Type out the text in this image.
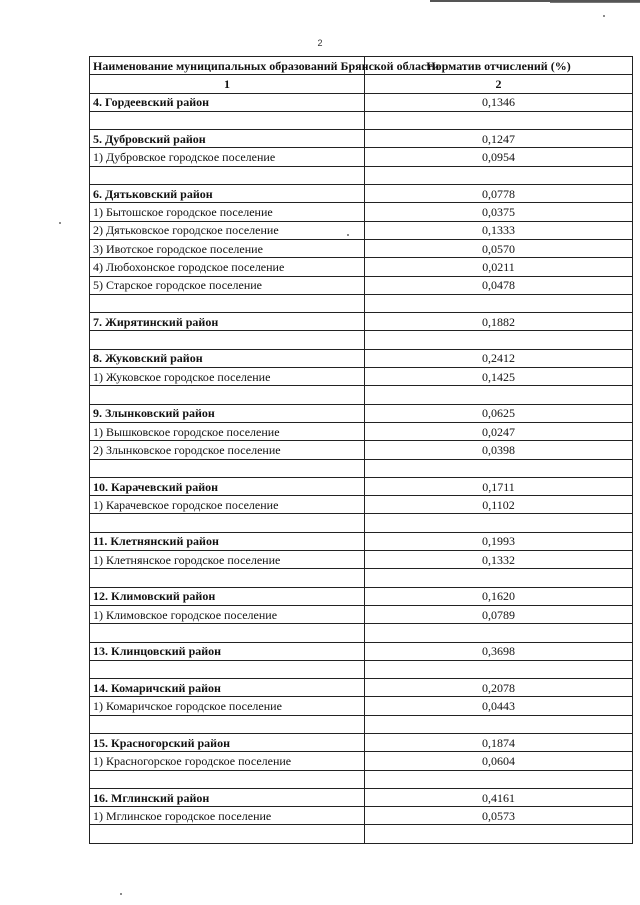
2
Наименование муниципальных образований Брянской области	Норматив отчислений (%)
1	2
4. Гордеевский район	0,1346

5. Дубровский район	0,1247
1) Дубровское городское поселение	0,0954

6. Дятьковский район	0,0778
1) Бытошское городское поселение	0,0375
2) Дятьковское городское поселение	0,1333
3) Ивотское городское поселение	0,0570
4) Любохонское городское поселение	0,0211
5) Старское городское поселение	0,0478

7. Жирятинский район	0,1882

8. Жуковский район	0,2412
1) Жуковское городское поселение	0,1425

9. Злынковский район	0,0625
1) Вышковское городское поселение	0,0247
2) Злынковское городское поселение	0,0398

10. Карачевский район	0,1711
1) Карачевское городское поселение	0,1102

11. Клетнянский район	0,1993
1) Клетнянское городское поселение	0,1332

12. Климовский район	0,1620
1) Климовское городское поселение	0,0789

13. Клинцовский район	0,3698

14. Комаричский район	0,2078
1) Комаричское городское поселение	0,0443

15. Красногорский район	0,1874
1) Красногорское городское поселение	0,0604

16. Мглинский район	0,4161
1) Мглинское городское поселение	0,0573
